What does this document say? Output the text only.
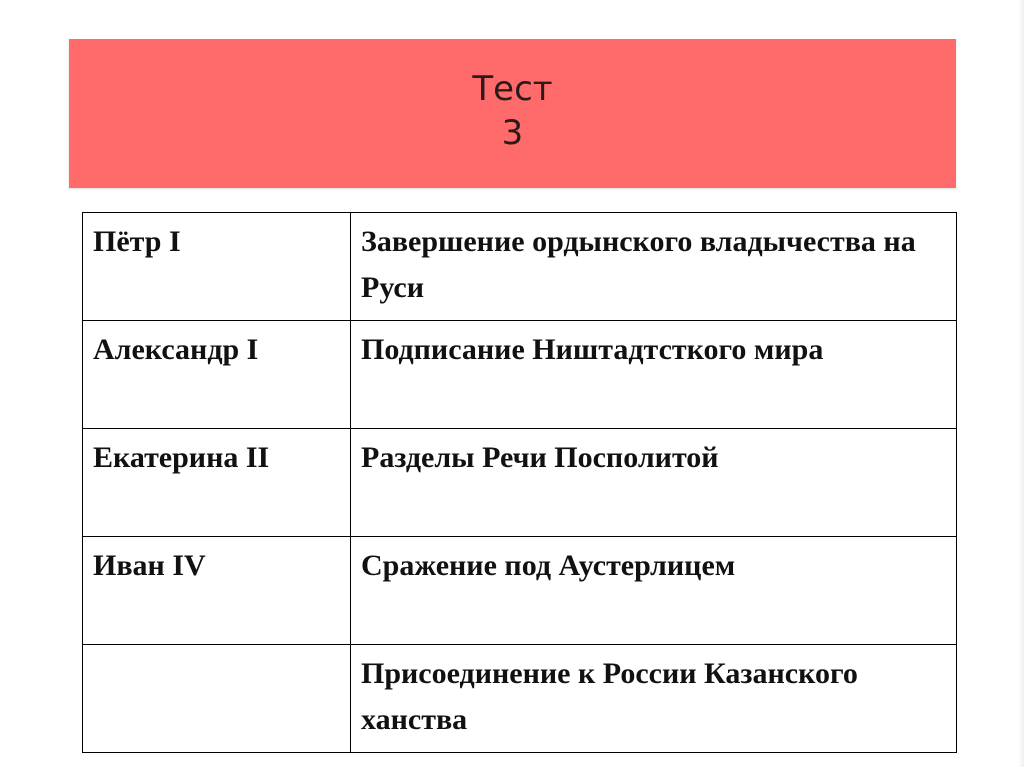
Тест
3
Пётр I	Завершение ордынского владычества на Руси
Александр I	Подписание Ништадтсткого мира
Екатерина II	Разделы Речи Посполитой
Иван IV	Сражение под Аустерлицем
	Присоединение к России Казанского ханства
